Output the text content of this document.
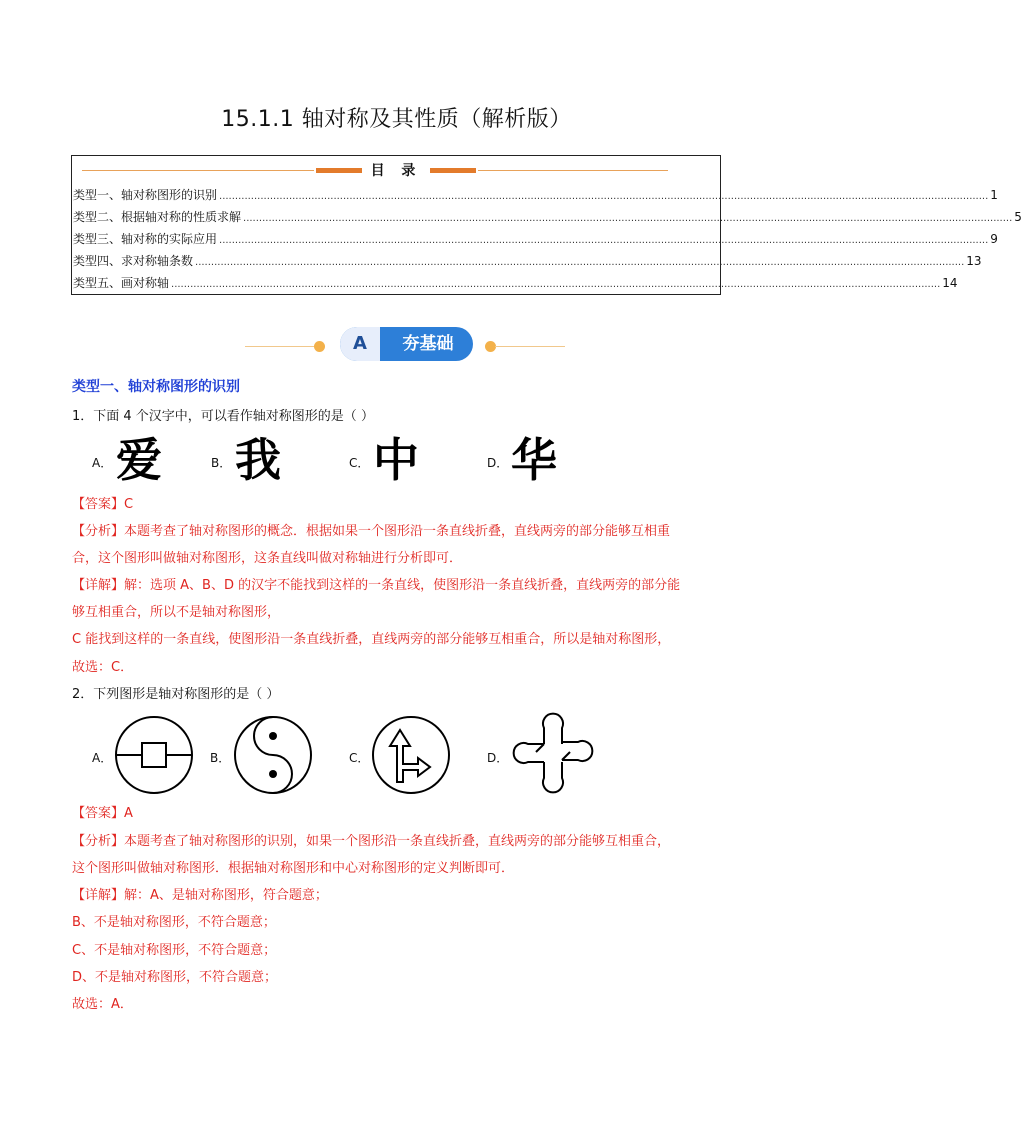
15.1.1 轴对称及其性质（解析版）
目 录
类型一、轴对称图形的识别 .................................................................................................................................................................................................................................................. 1
类型二、根据轴对称的性质求解 .................................................................................................................................................................................................................................................. 5
类型三、轴对称的实际应用 .................................................................................................................................................................................................................................................. 9
类型四、求对称轴条数 .................................................................................................................................................................................................................................................. 13
类型五、画对称轴 .................................................................................................................................................................................................................................................. 14
A	夯基础
类型一、轴对称图形的识别
1．下面 4 个汉字中，可以看作轴对称图形的是（ ）
A． 爱	B． 我	C． 中	D． 华
【答案】C
【分析】本题考查了轴对称图形的概念．根据如果一个图形沿一条直线折叠，直线两旁的部分能够互相重
合，这个图形叫做轴对称图形，这条直线叫做对称轴进行分析即可．
【详解】解：选项 A、B、D 的汉字不能找到这样的一条直线，使图形沿一条直线折叠，直线两旁的部分能
够互相重合，所以不是轴对称图形，
C 能找到这样的一条直线，使图形沿一条直线折叠，直线两旁的部分能够互相重合，所以是轴对称图形，
故选：C．
2．下列图形是轴对称图形的是（ ）
A．	B．	C．	D．
【答案】A
【分析】本题考查了轴对称图形的识别，如果一个图形沿一条直线折叠，直线两旁的部分能够互相重合，
这个图形叫做轴对称图形．根据轴对称图形和中心对称图形的定义判断即可．
【详解】解：A、是轴对称图形，符合题意；
B、不是轴对称图形，不符合题意；
C、不是轴对称图形，不符合题意；
D、不是轴对称图形，不符合题意；
故选：A．
